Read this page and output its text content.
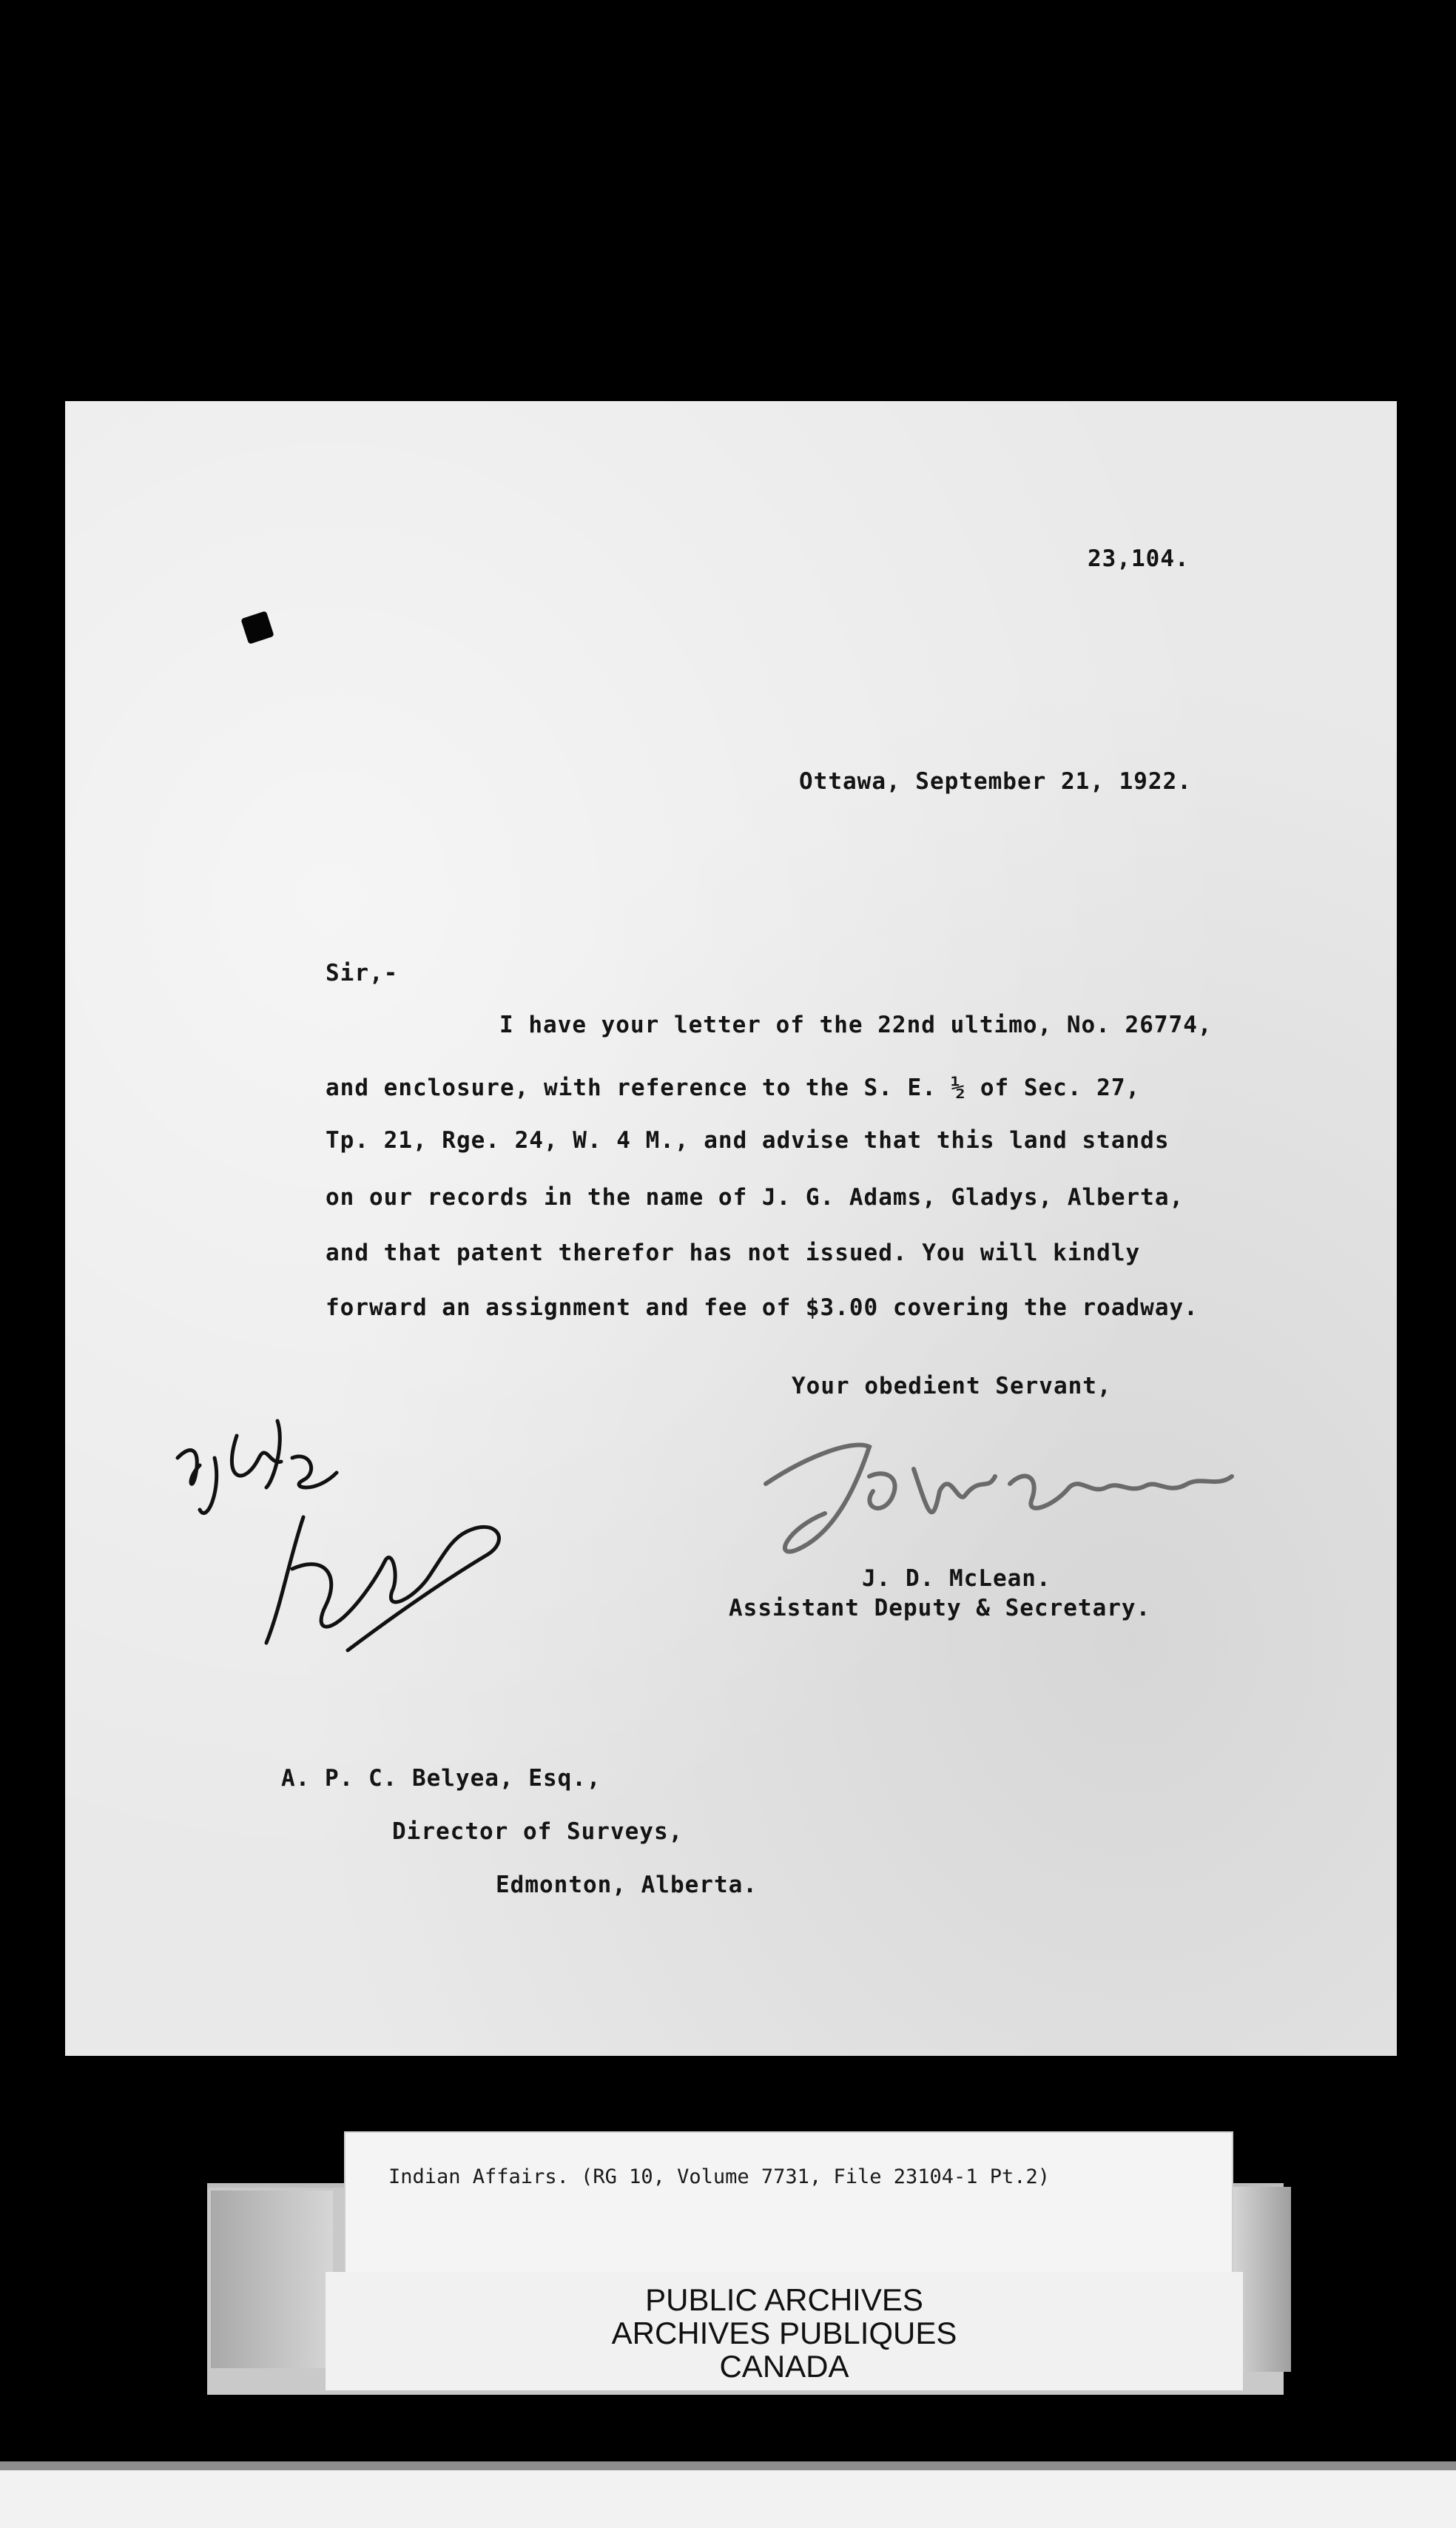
23,104.

Ottawa, September 21, 1922.

Sir,-

I have your letter of the 22nd ultimo, No. 26774,

and enclosure, with reference to the S. E. ½ of Sec. 27,

Tp. 21, Rge. 24, W. 4 M., and advise that this land stands

on our records in the name of J. G. Adams, Gladys, Alberta,

and that patent therefor has not issued. You will kindly

forward an assignment and fee of $3.00 covering the roadway.

Your obedient Servant,

J. D. McLean.

Assistant Deputy & Secretary.

A. P. C. Belyea, Esq.,

Director of Surveys,

Edmonton, Alberta.

Indian Affairs. (RG 10, Volume 7731, File 23104-1 Pt.2)

PUBLIC ARCHIVES

ARCHIVES PUBLIQUES

CANADA
